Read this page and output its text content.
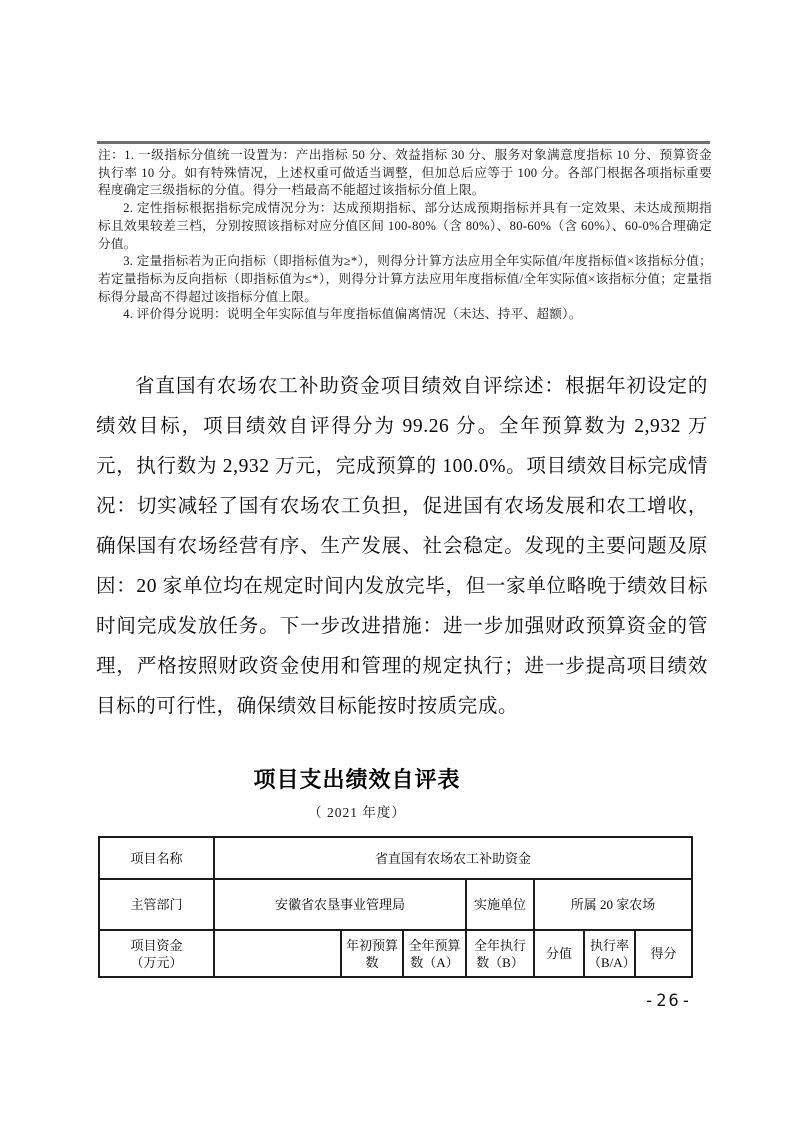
注：1. 一级指标分值统一设置为：产出指标 50 分、效益指标 30 分、服务对象满意度指标 10 分、预算资金执行率 10 分。如有特殊情况，上述权重可做适当调整，但加总后应等于 100 分。各部门根据各项指标重要程度确定三级指标的分值。得分一档最高不能超过该指标分值上限。

2. 定性指标根据指标完成情况分为：达成预期指标、部分达成预期指标并具有一定效果、未达成预期指标且效果较差三档，分别按照该指标对应分值区间 100-80%（含 80%）、80-60%（含 60%）、60-0%合理确定分值。

3. 定量指标若为正向指标（即指标值为≥*），则得分计算方法应用全年实际值/年度指标值×该指标分值；若定量指标为反向指标（即指标值为≤*），则得分计算方法应用年度指标值/全年实际值×该指标分值；定量指标得分最高不得超过该指标分值上限。

4. 评价得分说明：说明全年实际值与年度指标值偏离情况（未达、持平、超额）。

省直国有农场农工补助资金项目绩效自评综述：根据年初设定的绩效目标，项目绩效自评得分为 99.26 分。全年预算数为 2,932 万元，执行数为 2,932 万元，完成预算的 100.0%。项目绩效目标完成情况：切实减轻了国有农场农工负担，促进国有农场发展和农工增收，确保国有农场经营有序、生产发展、社会稳定。发现的主要问题及原因：20 家单位均在规定时间内发放完毕，但一家单位略晚于绩效目标时间完成发放任务。下一步改进措施：进一步加强财政预算资金的管理，严格按照财政资金使用和管理的规定执行；进一步提高项目绩效目标的可行性，确保绩效目标能按时按质完成。
项目支出绩效自评表
（ 2021 年度）
项目名称	省直国有农场农工补助资金						
主管部门	安徽省农垦事业管理局			实施单位	所属 20 家农场		
项目资金（万元）		年初预算数	全年预算数（A）	全年执行数（B）	分值	执行率（B/A）	得分
-26-
